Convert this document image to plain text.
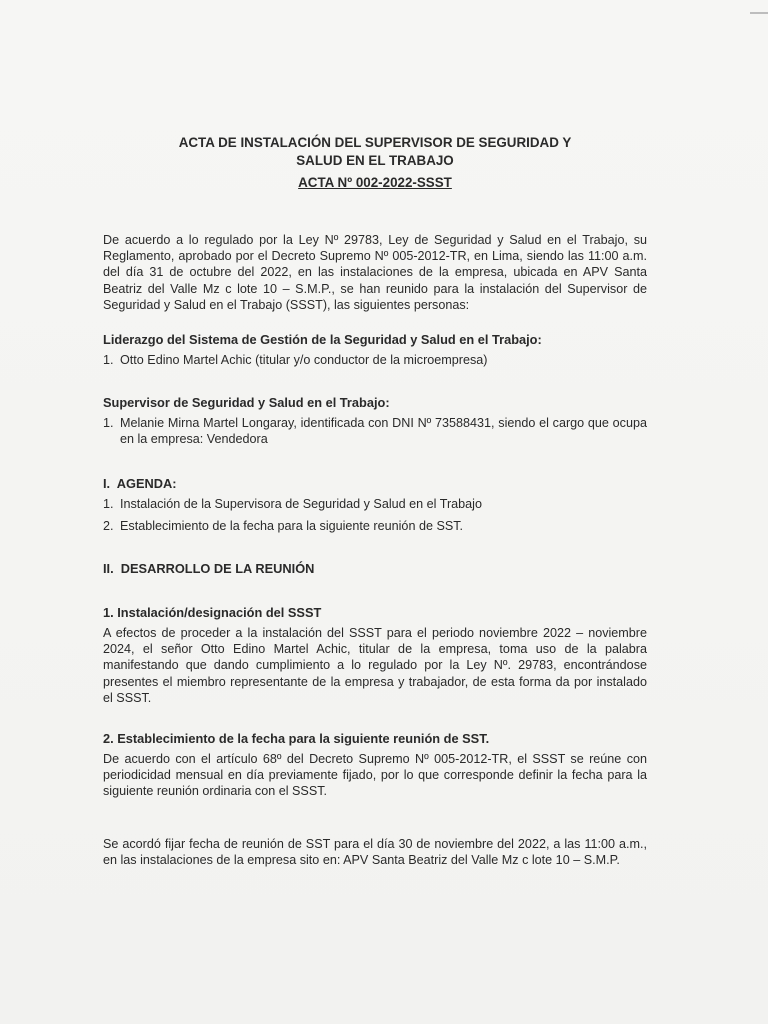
ACTA DE INSTALACIÓN DEL SUPERVISOR DE SEGURIDAD Y
SALUD EN EL TRABAJO
ACTA Nº 002-2022-SSST

De acuerdo a lo regulado por la Ley Nº 29783, Ley de Seguridad y Salud en el Trabajo, su Reglamento, aprobado por el Decreto Supremo Nº 005-2012-TR, en Lima, siendo las 11:00 a.m. del día 31 de octubre del 2022, en las instalaciones de la empresa, ubicada en APV Santa Beatriz del Valle Mz c lote 10 – S.M.P., se han reunido para la instalación del Supervisor de Seguridad y Salud en el Trabajo (SSST), las siguientes personas:

Liderazgo del Sistema de Gestión de la Seguridad y Salud en el Trabajo:
1. Otto Edino Martel Achic (titular y/o conductor de la microempresa)
Supervisor de Seguridad y Salud en el Trabajo:
1. Melanie Mirna Martel Longaray, identificada con DNI Nº 73588431, siendo el cargo que ocupa en la empresa: Vendedora
I.  AGENDA:
1. Instalación de la Supervisora de Seguridad y Salud en el Trabajo
2. Establecimiento de la fecha para la siguiente reunión de SST.
II.  DESARROLLO DE LA REUNIÓN
1. Instalación/designación del SSST

A efectos de proceder a la instalación del SSST para el periodo noviembre 2022 – noviembre 2024, el señor Otto Edino Martel Achic, titular de la empresa, toma uso de la palabra manifestando que dando cumplimiento a lo regulado por la Ley Nº. 29783, encontrándose presentes el miembro representante de la empresa y trabajador, de esta forma da por instalado el SSST.

2. Establecimiento de la fecha para la siguiente reunión de SST.

De acuerdo con el artículo 68º del Decreto Supremo Nº 005-2012-TR, el SSST se reúne con periodicidad mensual en día previamente fijado, por lo que corresponde definir la fecha para la siguiente reunión ordinaria con el SSST.

Se acordó fijar fecha de reunión de SST para el día 30 de noviembre del 2022, a las 11:00 a.m., en las instalaciones de la empresa sito en: APV Santa Beatriz del Valle Mz c lote 10 – S.M.P.
